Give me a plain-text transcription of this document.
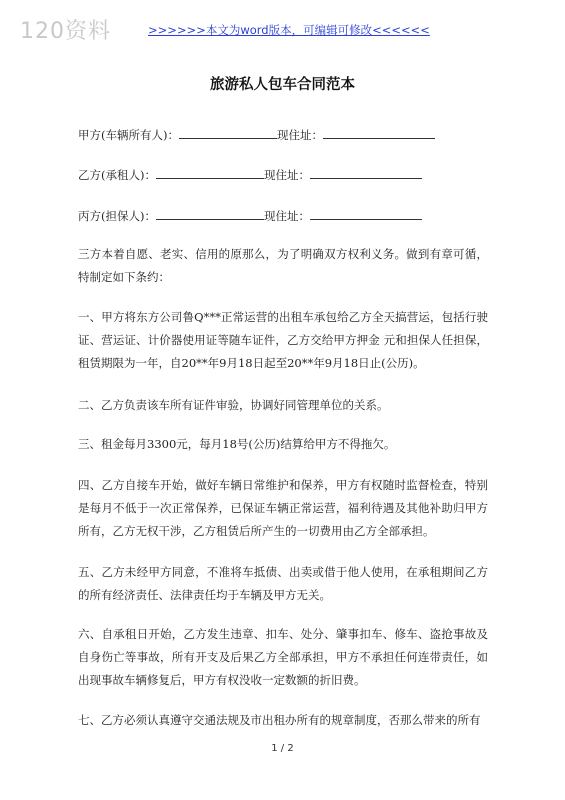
120资料	>>>>>>本文为word版本，可编辑可修改<<<<<<
旅游私人包车合同范本
甲方(车辆所有人)：	现住址：
乙方(承租人)：	现住址：
丙方(担保人)：	现住址：
三方本着自愿、老实、信用的原那么，为了明确双方权利义务。做到有章可循，特制定如下条约：
一、甲方将东方公司鲁Q***正常运营的出租车承包给乙方全天搞营运，包括行驶证、营运证、计价器使用证等随车证件，乙方交给甲方押金 元和担保人任担保，租赁期限为一年，自20**年9月18日起至20**年9月18日止(公历)。
二、乙方负责该车所有证件审验，协调好同管理单位的关系。
三、租金每月3300元，每月18号(公历)结算给甲方不得拖欠。
四、乙方自接车开始，做好车辆日常维护和保养，甲方有权随时监督检查，特别是每月不低于一次正常保养，已保证车辆正常运营，福利待遇及其他补助归甲方所有，乙方无权干涉，乙方租赁后所产生的一切费用由乙方全部承担。
五、乙方未经甲方同意，不准将车抵债、出卖或借于他人使用，在承租期间乙方的所有经济责任、法律责任均于车辆及甲方无关。
六、自承租日开始，乙方发生违章、扣车、处分、肇事扣车、修车、盗抢事故及自身伤亡等事故，所有开支及后果乙方全部承担，甲方不承担任何连带责任，如出现事故车辆修复后，甲方有权没收一定数额的折旧费。
七、乙方必须认真遵守交通法规及市出租办所有的规章制度，否那么带来的所有
1 / 2
